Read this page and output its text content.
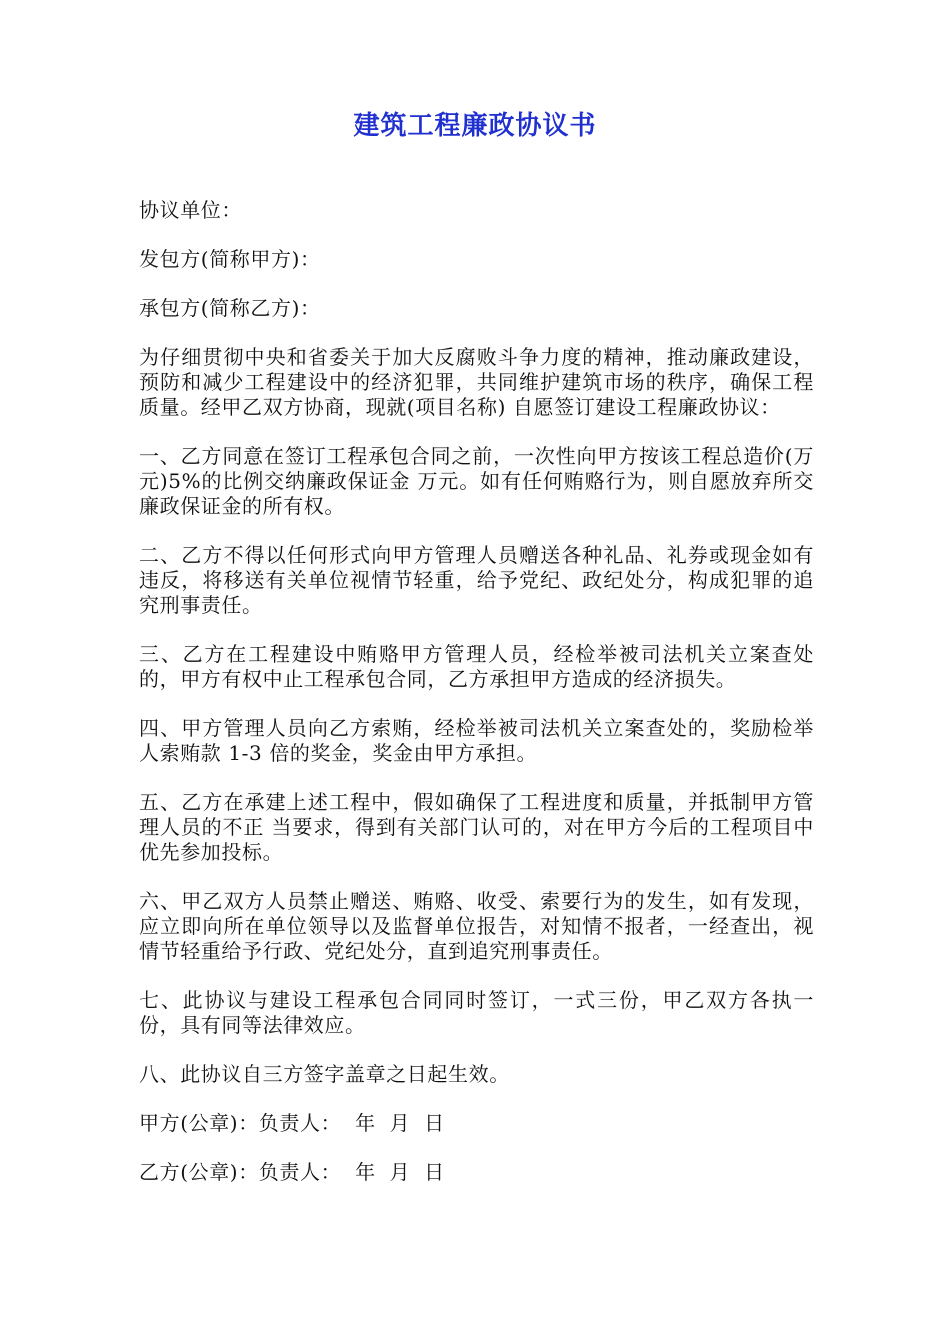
建筑工程廉政协议书

协议单位：

发包方(简称甲方)：

承包方(简称乙方)：

为仔细贯彻中央和省委关于加大反腐败斗争力度的精神，推动廉政建设，预防和减少工程建设中的经济犯罪，共同维护建筑市场的秩序，确保工程质量。经甲乙双方协商，现就(项目名称) 自愿签订建设工程廉政协议：

一、乙方同意在签订工程承包合同之前，一次性向甲方按该工程总造价(万元)5%的比例交纳廉政保证金 万元。如有任何贿赂行为，则自愿放弃所交廉政保证金的所有权。

二、乙方不得以任何形式向甲方管理人员赠送各种礼品、礼券或现金如有违反，将移送有关单位视情节轻重，给予党纪、政纪处分，构成犯罪的追究刑事责任。

三、乙方在工程建设中贿赂甲方管理人员，经检举被司法机关立案查处的，甲方有权中止工程承包合同，乙方承担甲方造成的经济损失。

四、甲方管理人员向乙方索贿，经检举被司法机关立案查处的，奖励检举人索贿款 1-3 倍的奖金，奖金由甲方承担。

五、乙方在承建上述工程中，假如确保了工程进度和质量，并抵制甲方管理人员的不正 当要求，得到有关部门认可的，对在甲方今后的工程项目中优先参加投标。

六、甲乙双方人员禁止赠送、贿赂、收受、索要行为的发生，如有发现，应立即向所在单位领导以及监督单位报告，对知情不报者，一经查出，视情节轻重给予行政、党纪处分，直到追究刑事责任。

七、此协议与建设工程承包合同同时签订，一式三份，甲乙双方各执一份，具有同等法律效应。

八、此协议自三方签字盖章之日起生效。

甲方(公章)：负责人：  年  月  日

乙方(公章)：负责人：  年  月  日
